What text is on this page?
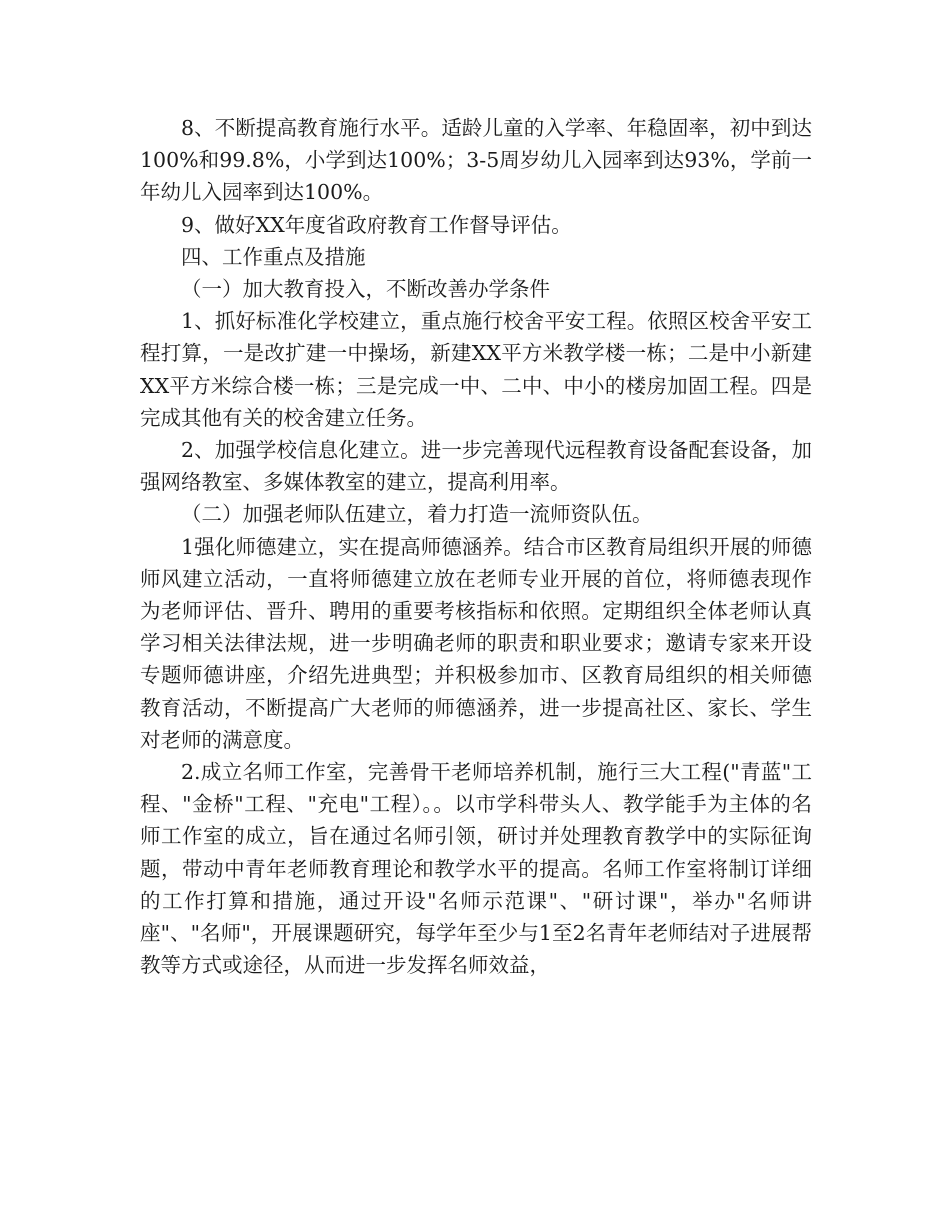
8、不断提高教育施行水平。适龄儿童的入学率、年稳固率，初中到达100%和99.8%，小学到达100%；3-5周岁幼儿入园率到达93%，学前一年幼儿入园率到达100%。

9、做好XX年度省政府教育工作督导评估。

四、工作重点及措施

（一）加大教育投入，不断改善办学条件

1、抓好标准化学校建立，重点施行校舍平安工程。依照区校舍平安工程打算，一是改扩建一中操场，新建XX平方米教学楼一栋；二是中小新建XX平方米综合楼一栋；三是完成一中、二中、中小的楼房加固工程。四是完成其他有关的校舍建立任务。

2、加强学校信息化建立。进一步完善现代远程教育设备配套设备，加强网络教室、多媒体教室的建立，提高利用率。

（二）加强老师队伍建立，着力打造一流师资队伍。

1强化师德建立，实在提高师德涵养。结合市区教育局组织开展的师德师风建立活动，一直将师德建立放在老师专业开展的首位，将师德表现作为老师评估、晋升、聘用的重要考核指标和依照。定期组织全体老师认真学习相关法律法规，进一步明确老师的职责和职业要求；邀请专家来开设专题师德讲座，介绍先进典型；并积极参加市、区教育局组织的相关师德教育活动，不断提高广大老师的师德涵养，进一步提高社区、家长、学生对老师的满意度。

2.成立名师工作室，完善骨干老师培养机制，施行三大工程("青蓝"工程、"金桥"工程、"充电"工程）。。以市学科带头人、教学能手为主体的名师工作室的成立，旨在通过名师引领，研讨并处理教育教学中的实际征询题，带动中青年老师教育理论和教学水平的提高。名师工作室将制订详细的工作打算和措施，通过开设"名师示范课"、"研讨课"，举办"名师讲座"、"名师"，开展课题研究，每学年至少与1至2名青年老师结对子进展帮教等方式或途径，从而进一步发挥名师效益，
